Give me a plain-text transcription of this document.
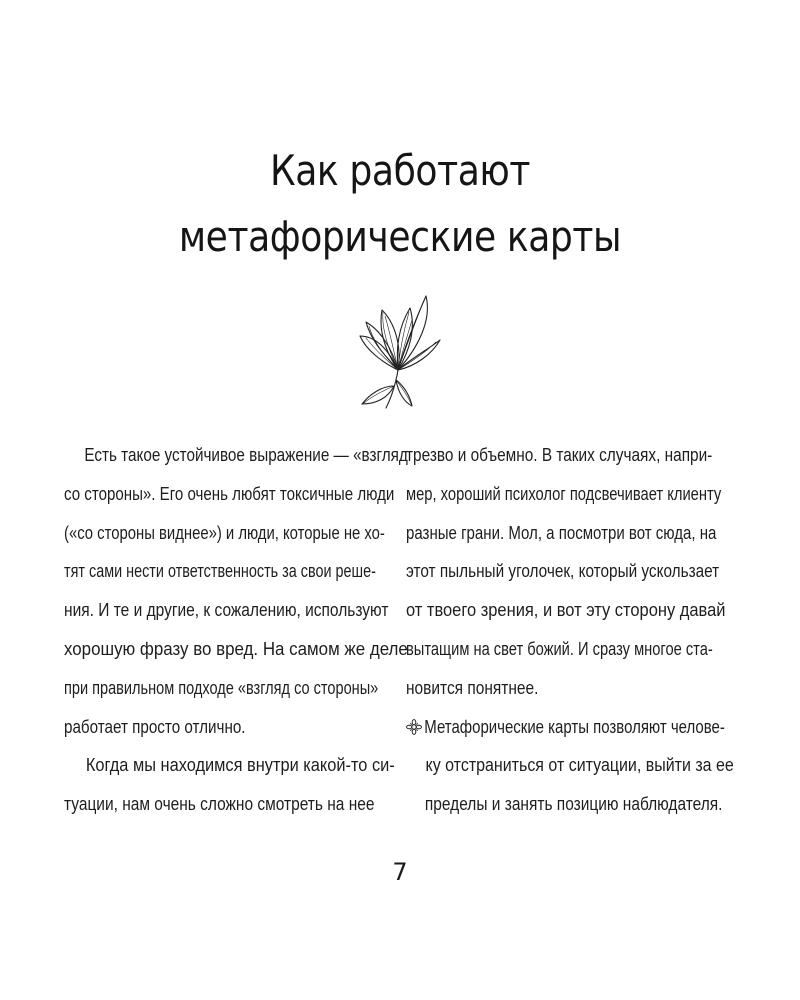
Как работают
метафорические карты
Есть такое устойчивое выражение — «взгляд
со стороны». Его очень любят токсичные люди
(«со стороны виднее») и люди, которые не хо-
тят сами нести ответственность за свои реше-
ния. И те и другие, к сожалению, используют
хорошую фразу во вред. На самом же деле
при правильном подходе «взгляд со стороны»
работает просто отлично.
Когда мы находимся внутри какой-то си-
туации, нам очень сложно смотреть на нее
трезво и объемно. В таких случаях, напри-
мер, хороший психолог подсвечивает клиенту
разные грани. Мол, а посмотри вот сюда, на
этот пыльный уголочек, который ускользает
от твоего зрения, и вот эту сторону давай
вытащим на свет божий. И сразу многое ста-
новится понятнее.
Метафорические карты позволяют челове-
ку отстраниться от ситуации, выйти за ее
пределы и занять позицию наблюдателя.
7
